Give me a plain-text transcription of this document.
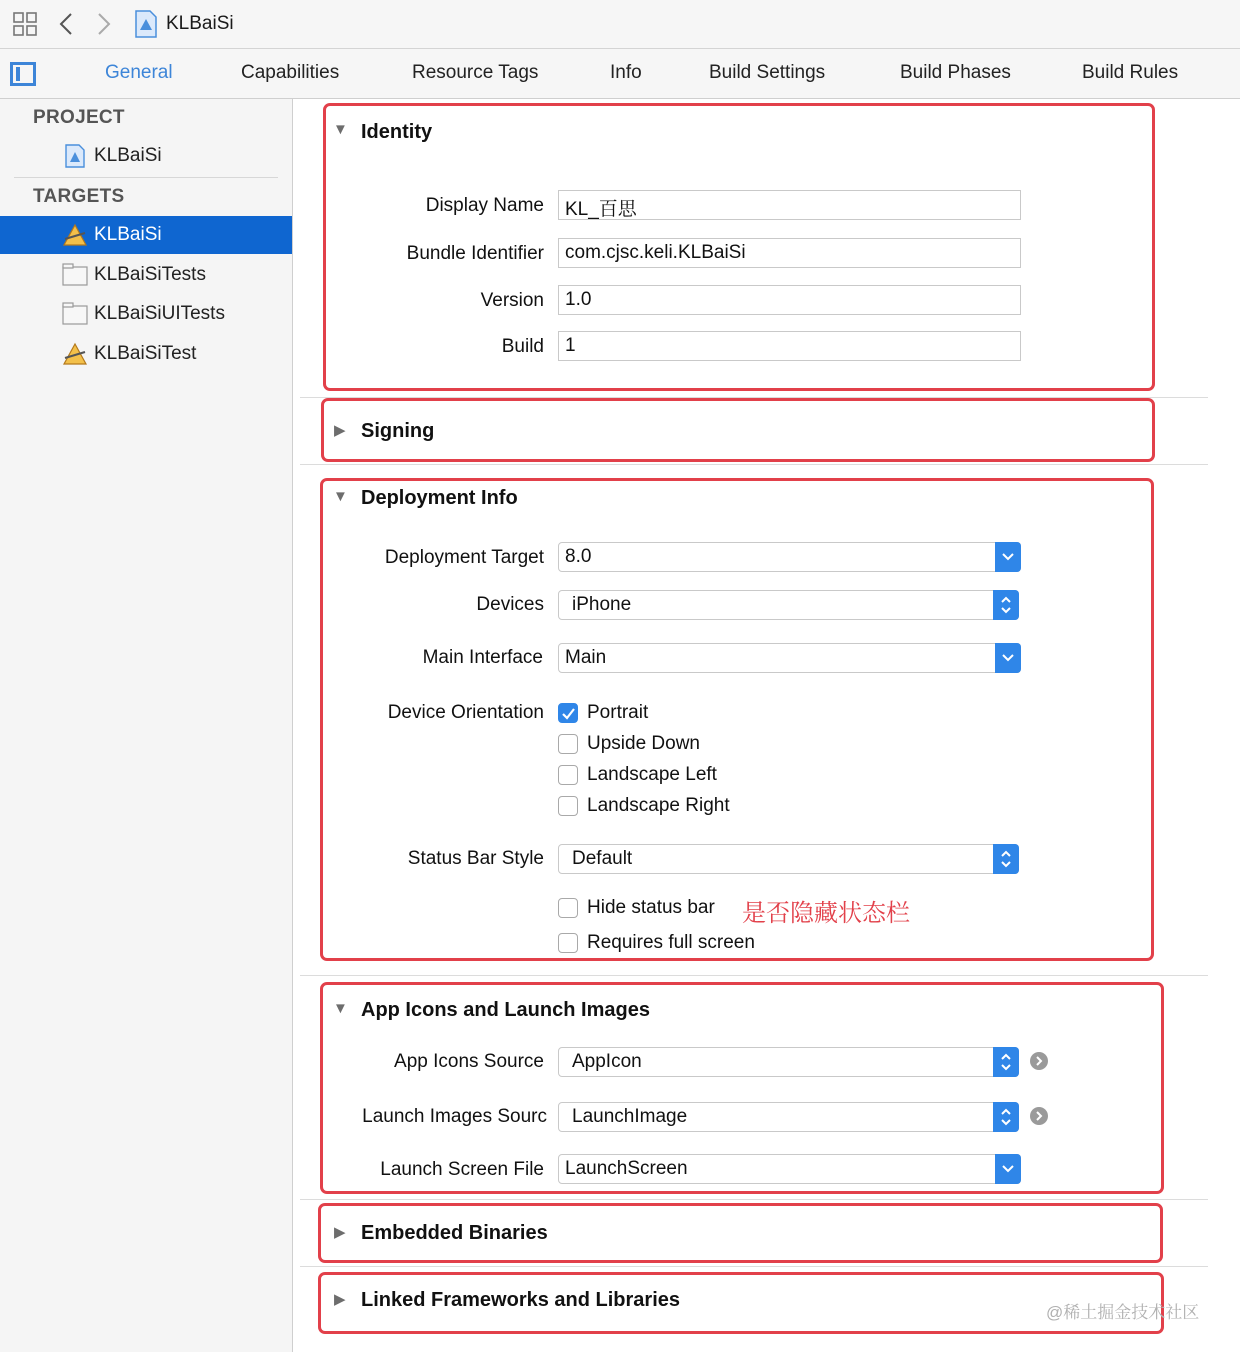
KLBaiSi
General	Capabilities	Resource Tags	Info	Build Settings	Build Phases	Build Rules
PROJECT
KLBaiSi
TARGETS
KLBaiSi
KLBaiSiTests
KLBaiSiUITests
KLBaiSiTest
▼ Identity
Display Name	KL_百思
Bundle Identifier	com.cjsc.keli.KLBaiSi
Version	1.0
Build	1
▶ Signing
▼ Deployment Info
Deployment Target	8.0
Devices	iPhone
Main Interface	Main
Device Orientation Portrait
Upside Down
Landscape Left
Landscape Right
Status Bar Style	Default
Hide status bar 是否隐藏状态栏
Requires full screen
▼ App Icons and Launch Images
App Icons Source	AppIcon
Launch Images Sourc	LaunchImage
Launch Screen File	LaunchScreen
▶ Embedded Binaries
▶ Linked Frameworks and Libraries
@稀土掘金技术社区
